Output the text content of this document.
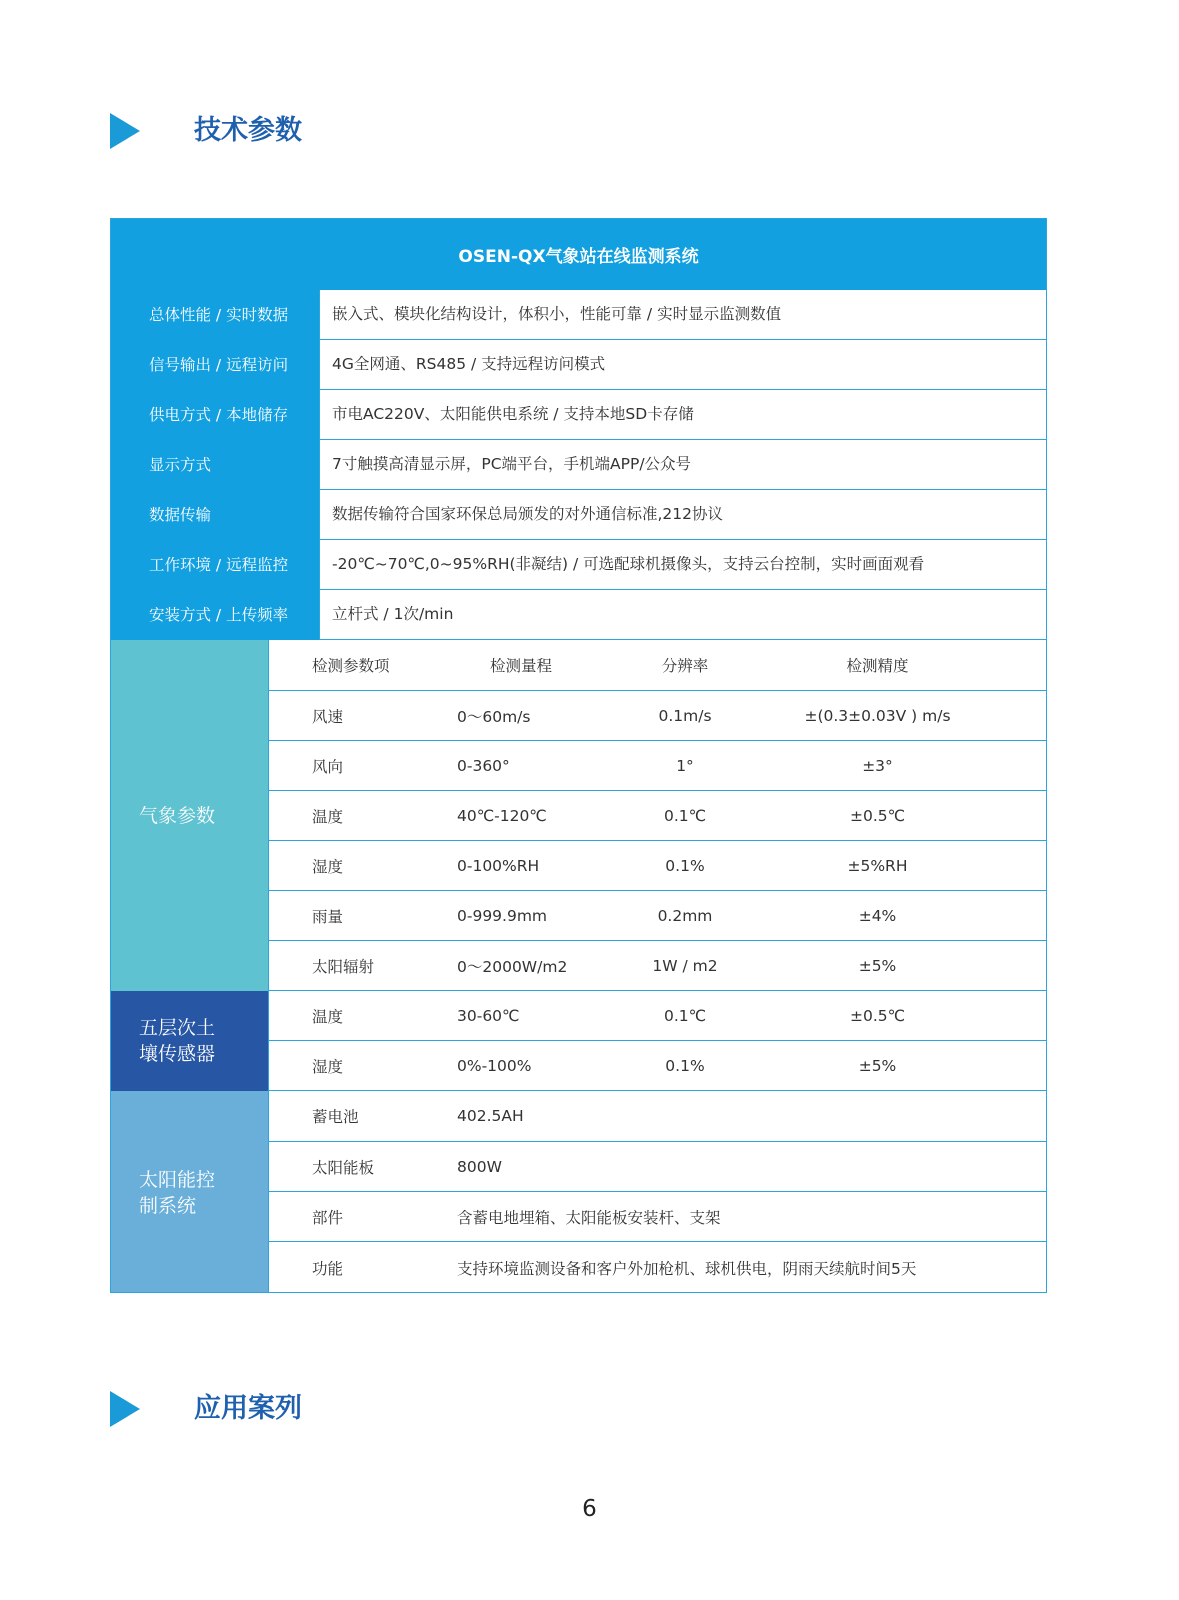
技术参数
OSEN-QX气象站在线监测系统
总体性能 / 实时数据	嵌入式、模块化结构设计，体积小，性能可靠 / 实时显示监测数值
信号输出 / 远程访问	4G全网通、RS485 / 支持远程访问模式
供电方式 / 本地储存	市电AC220V、太阳能供电系统 / 支持本地SD卡存储
显示方式	7寸触摸高清显示屏，PC端平台，手机端APP/公众号
数据传输	数据传输符合国家环保总局颁发的对外通信标准,212协议
工作环境 / 远程监控	-20℃~70℃,0~95%RH(非凝结) / 可选配球机摄像头，支持云台控制，实时画面观看
安装方式 / 上传频率	立杆式 / 1次/min
气象参数
检测参数项	检测量程	分辨率	检测精度
风速	0～60m/s	0.1m/s	±(0.3±0.03V ) m/s
风向	0-360°	1°	±3°
温度	40℃-120℃	0.1℃	±0.5℃
湿度	0-100%RH	0.1%	±5%RH
雨量	0-999.9mm	0.2mm	±4%
太阳辐射	0～2000W/m2	1W / m2	±5%
五层次土
壤传感器
温度	30-60℃	0.1℃	±0.5℃
湿度	0%-100%	0.1%	±5%
太阳能控
制系统
蓄电池	402.5AH
太阳能板	800W
部件	含蓄电地埋箱、太阳能板安装杆、支架
功能	支持环境监测设备和客户外加枪机、球机供电，阴雨天续航时间5天
应用案列
6
